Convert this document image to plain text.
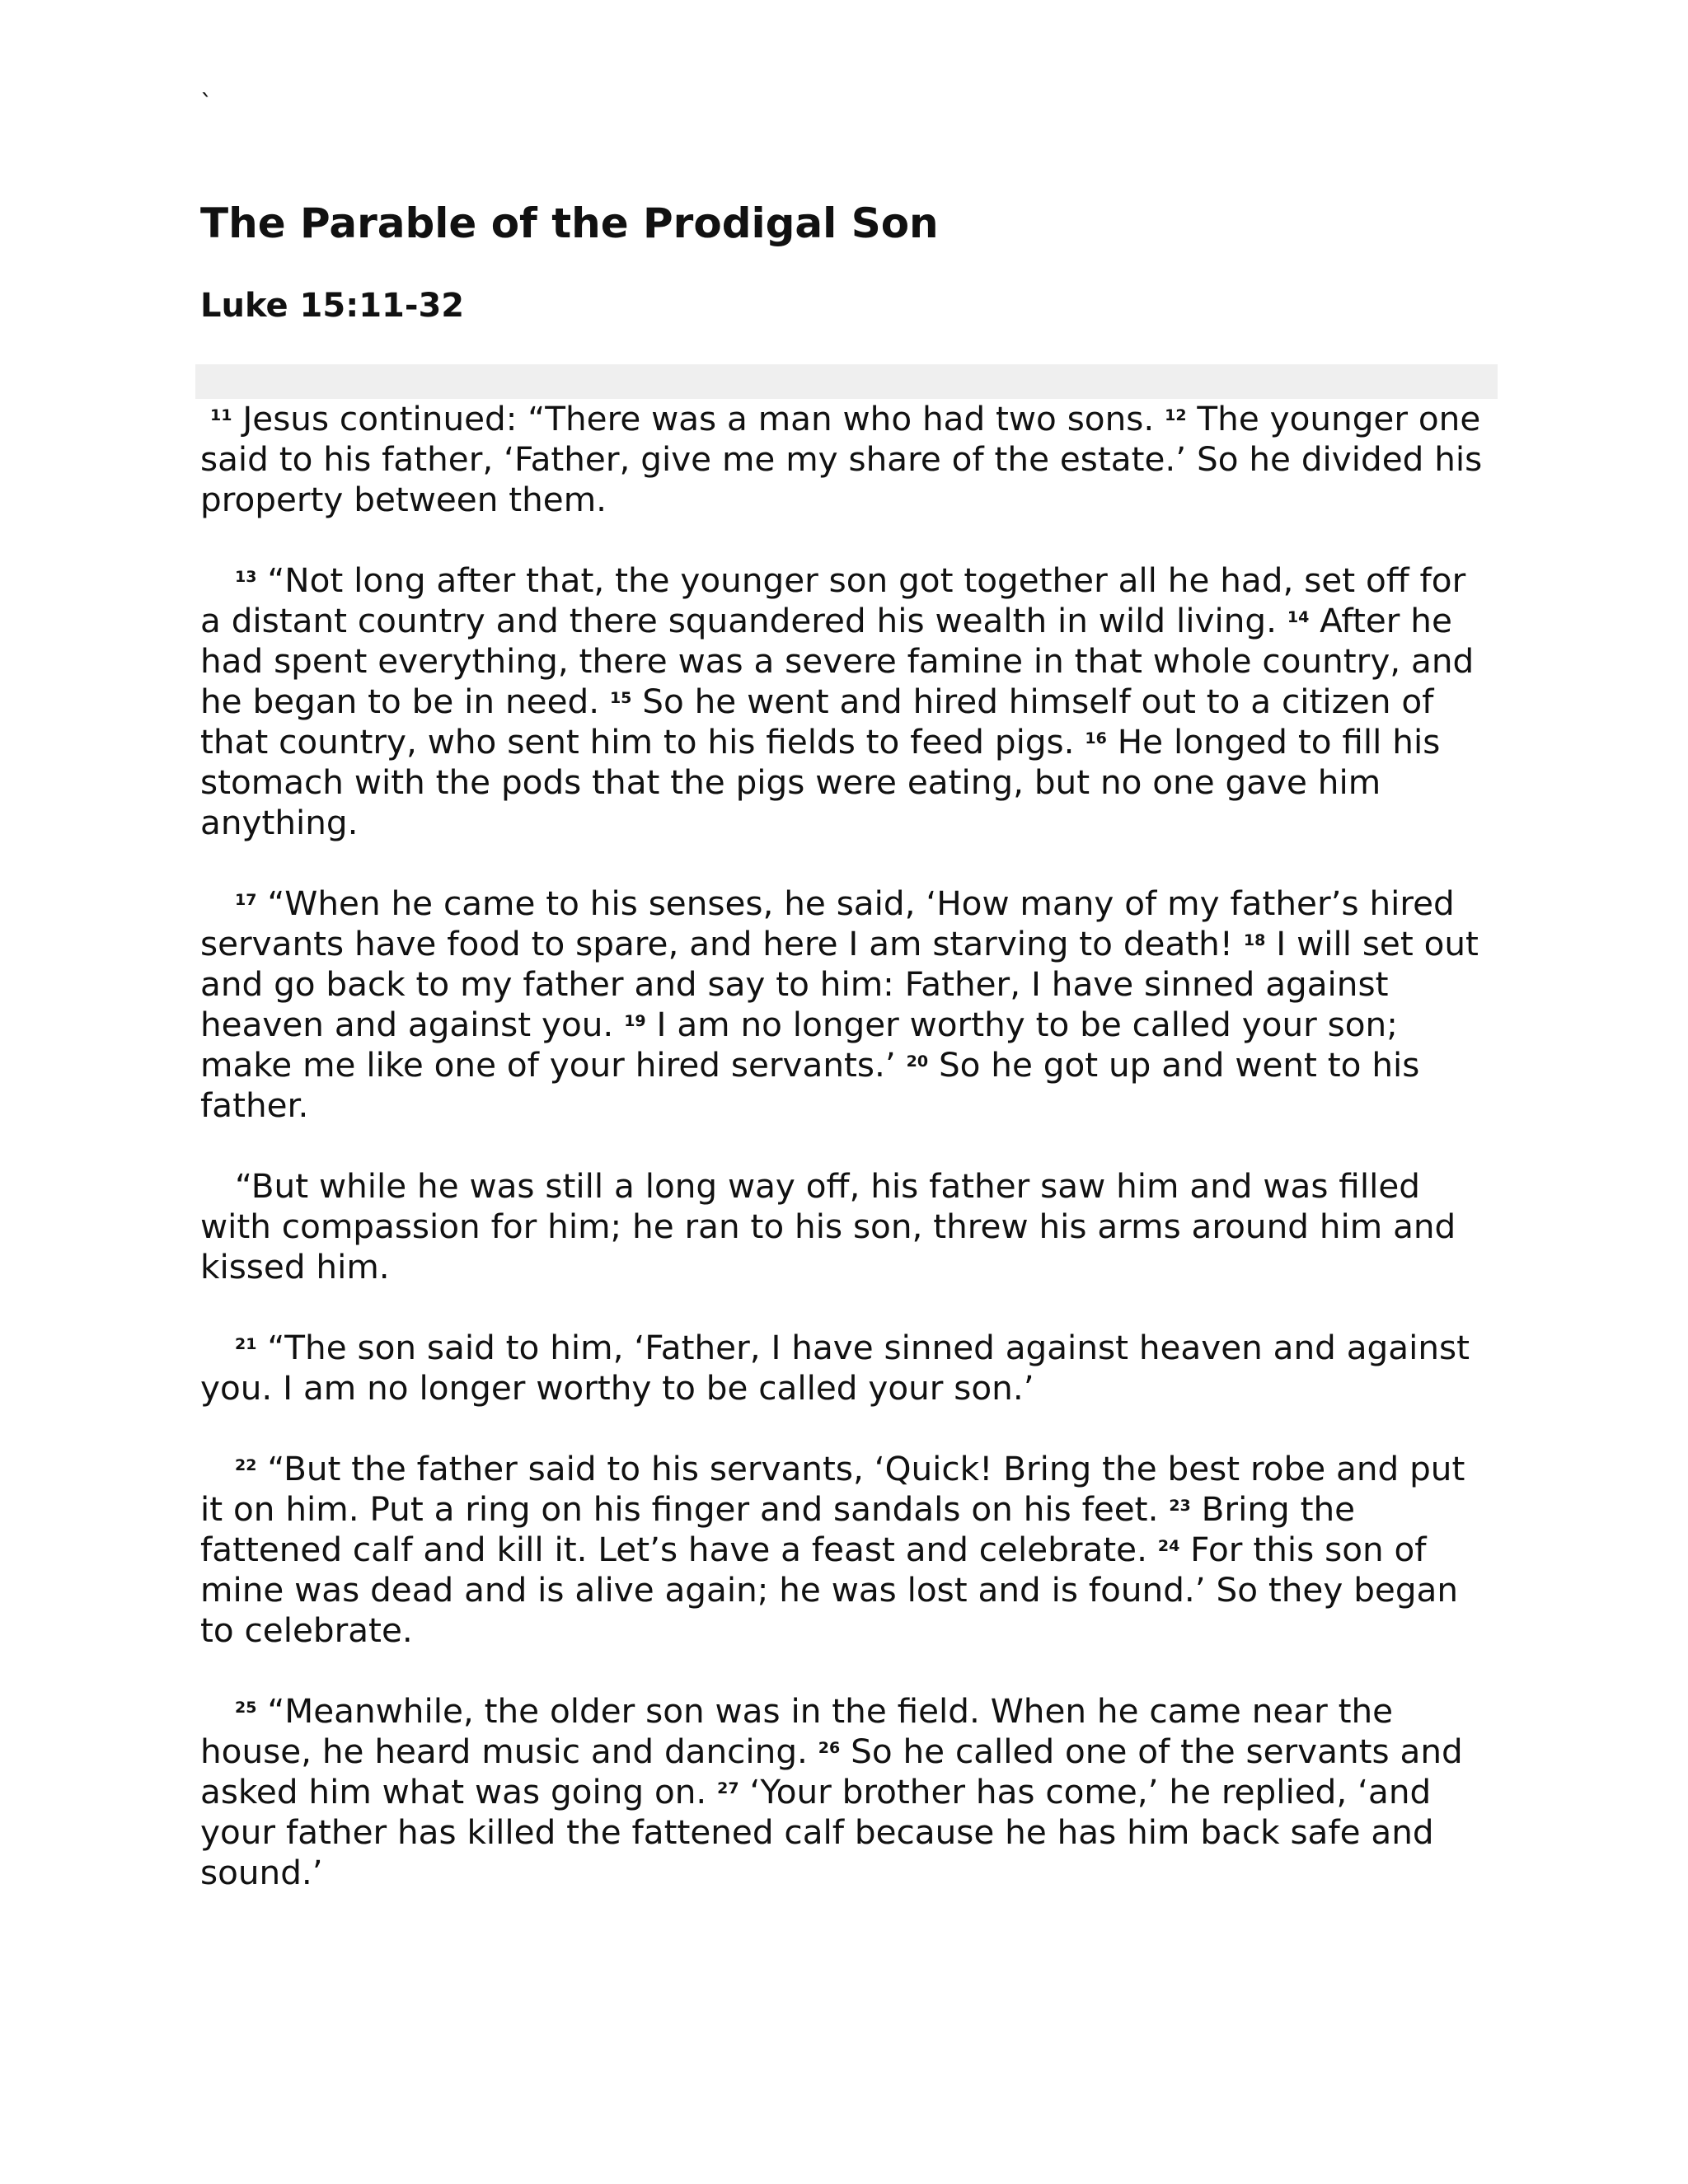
`
The Parable of the Prodigal Son
Luke 15:11-32

$^{11}$ Jesus continued: “There was a man who had two sons. $^{12}$ The younger one
said to his father, ‘Father, give me my share of the estate.’ So he divided his
property between them.

$^{13}$ “Not long after that, the younger son got together all he had, set off for
a distant country and there squandered his wealth in wild living. $^{14}$ After he
had spent everything, there was a severe famine in that whole country, and
he began to be in need. $^{15}$ So he went and hired himself out to a citizen of
that country, who sent him to his fields to feed pigs. $^{16}$ He longed to fill his
stomach with the pods that the pigs were eating, but no one gave him
anything.

$^{17}$ “When he came to his senses, he said, ‘How many of my father’s hired
servants have food to spare, and here I am starving to death! $^{18}$ I will set out
and go back to my father and say to him: Father, I have sinned against
heaven and against you. $^{19}$ I am no longer worthy to be called your son;
make me like one of your hired servants.’ $^{20}$ So he got up and went to his
father.

“But while he was still a long way off, his father saw him and was filled
with compassion for him; he ran to his son, threw his arms around him and
kissed him.

$^{21}$ “The son said to him, ‘Father, I have sinned against heaven and against
you. I am no longer worthy to be called your son.’

$^{22}$ “But the father said to his servants, ‘Quick! Bring the best robe and put
it on him. Put a ring on his finger and sandals on his feet. $^{23}$ Bring the
fattened calf and kill it. Let’s have a feast and celebrate. $^{24}$ For this son of
mine was dead and is alive again; he was lost and is found.’ So they began
to celebrate.

$^{25}$ “Meanwhile, the older son was in the field. When he came near the
house, he heard music and dancing. $^{26}$ So he called one of the servants and
asked him what was going on. $^{27}$ ‘Your brother has come,’ he replied, ‘and
your father has killed the fattened calf because he has him back safe and
sound.’
